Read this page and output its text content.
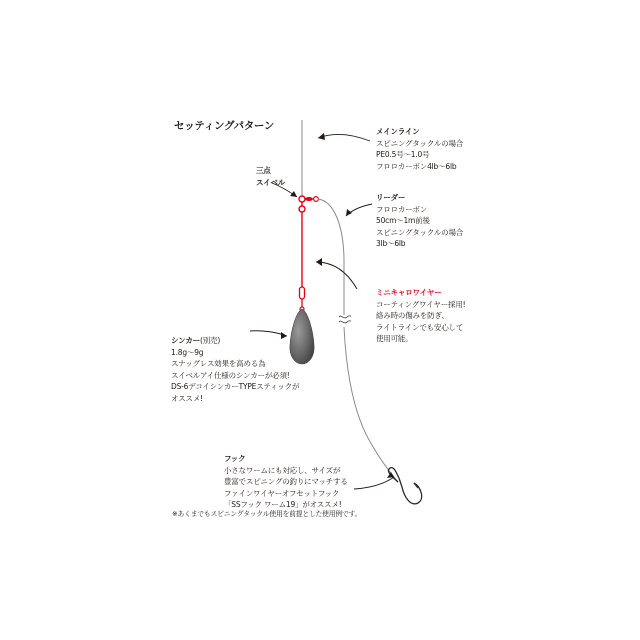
セッティングパターン
三点
スイベル
メインライン
スピニングタックルの場合
PE0.5号～1.0号
フロロカーボン4lb～6lb
リーダー
フロロカーボン
50cm～1m前後
スピニングタックルの場合
3lb～6lb
ミニキャロワイヤー
コーティングワイヤー採用!
絡み時の傷みを防ぎ、
ライトラインでも安心して
使用可能。
シンカー(別売)
1.8g～9g
スナッグレス効果を高める為
スイベルアイ仕様のシンカーが必須!
DS-6デコイシンカーTYPEスティックが
オススメ!
フック
小さなワームにも対応し、サイズが
豊富でスピニングの釣りにマッチする
ファインワイヤーオフセットフック
「SSフック ワーム19」がオススメ!
※あくまでもスピニングタックル使用を前提とした使用例です。
